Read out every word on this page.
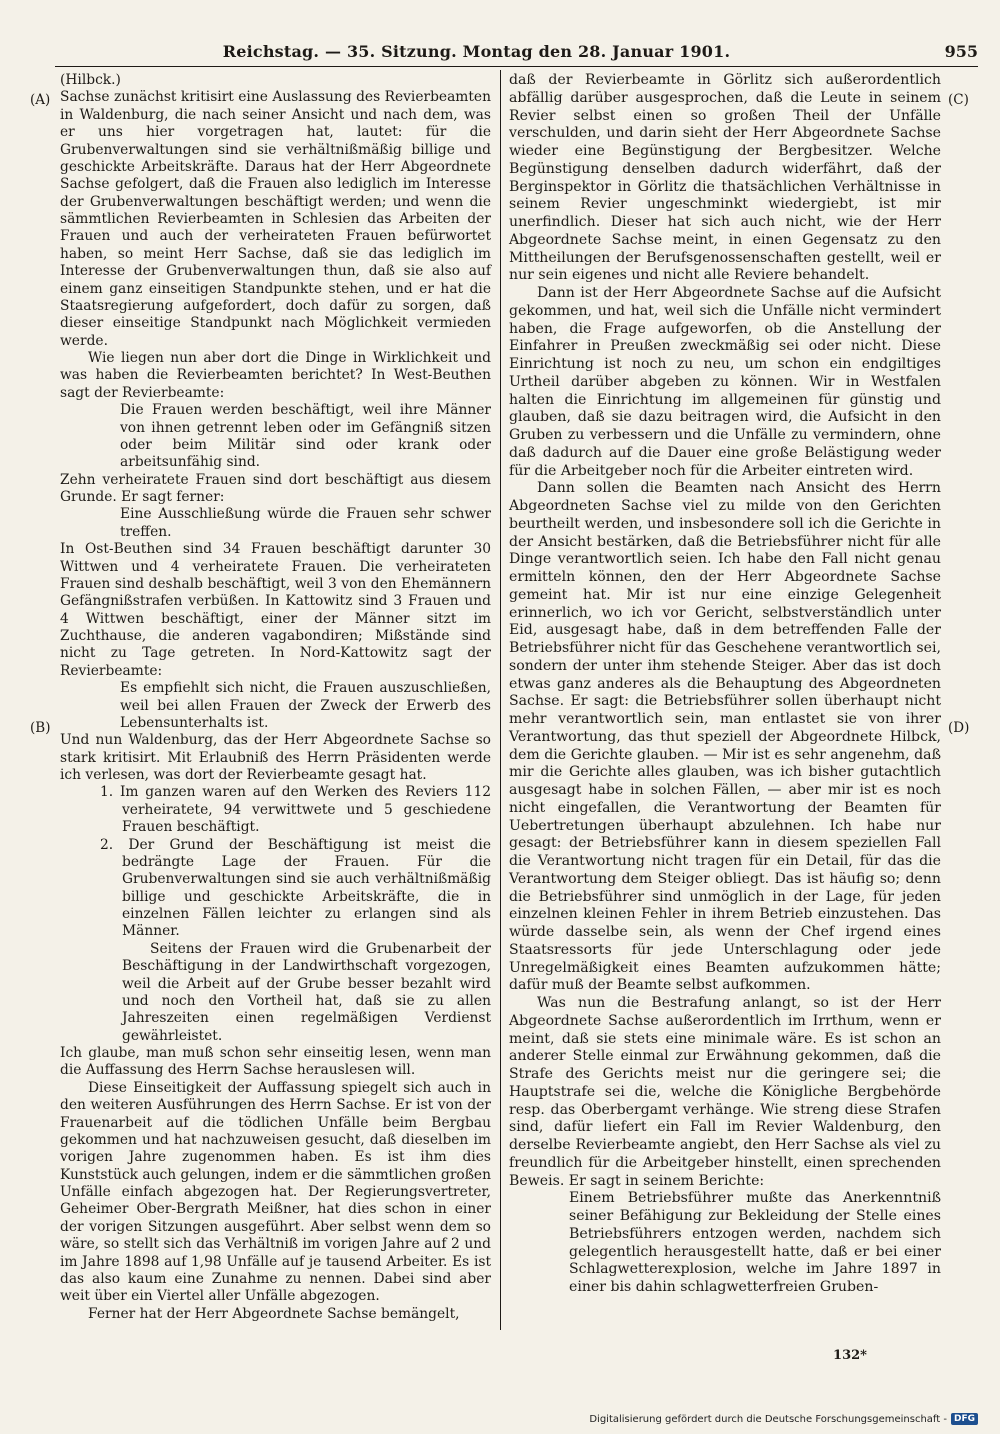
Reichstag. — 35. Sitzung. Montag den 28. Januar 1901.	955
(A)
(B)
(C)
(D)

(Hilbck.)

Sachse zunächst kritisirt eine Auslassung des Revierbeamten in Waldenburg, die nach seiner Ansicht und nach dem, was er uns hier vorgetragen hat, lautet: für die Grubenverwaltungen sind sie verhältnißmäßig billige und geschickte Arbeitskräfte. Daraus hat der Herr Abgeordnete Sachse gefolgert, daß die Frauen also lediglich im Interesse der Grubenverwaltungen beschäftigt werden; und wenn die sämmtlichen Revierbeamten in Schlesien das Arbeiten der Frauen und auch der verheirateten Frauen befürwortet haben, so meint Herr Sachse, daß sie das lediglich im Interesse der Grubenverwaltungen thun, daß sie also auf einem ganz einseitigen Standpunkte stehen, und er hat die Staatsregierung aufgefordert, doch dafür zu sorgen, daß dieser einseitige Standpunkt nach Möglichkeit vermieden werde.

Wie liegen nun aber dort die Dinge in Wirklichkeit und was haben die Revierbeamten berichtet? In West-Beuthen sagt der Revierbeamte:

Die Frauen werden beschäftigt, weil ihre Männer von ihnen getrennt leben oder im Gefängniß sitzen oder beim Militär sind oder krank oder arbeitsunfähig sind.

Zehn verheiratete Frauen sind dort beschäftigt aus diesem Grunde. Er sagt ferner:

Eine Ausschließung würde die Frauen sehr schwer treffen.

In Ost-Beuthen sind 34 Frauen beschäftigt darunter 30 Wittwen und 4 verheiratete Frauen. Die verheirateten Frauen sind deshalb beschäftigt, weil 3 von den Ehemännern Gefängnißstrafen verbüßen. In Kattowitz sind 3 Frauen und 4 Wittwen beschäftigt, einer der Männer sitzt im Zuchthause, die anderen vagabondiren; Mißstände sind nicht zu Tage getreten. In Nord-Kattowitz sagt der Revierbeamte:

Es empfiehlt sich nicht, die Frauen auszuschließen, weil bei allen Frauen der Zweck der Erwerb des Lebensunterhalts ist.

Und nun Waldenburg, das der Herr Abgeordnete Sachse so stark kritisirt. Mit Erlaubniß des Herrn Präsidenten werde ich verlesen, was dort der Revierbeamte gesagt hat.

1. Im ganzen waren auf den Werken des Reviers 112 verheiratete, 94 verwittwete und 5 geschiedene Frauen beschäftigt.

2. Der Grund der Beschäftigung ist meist die bedrängte Lage der Frauen. Für die Grubenverwaltungen sind sie auch verhältnißmäßig billige und geschickte Arbeitskräfte, die in einzelnen Fällen leichter zu erlangen sind als Männer.

Seitens der Frauen wird die Grubenarbeit der Beschäftigung in der Landwirthschaft vorgezogen, weil die Arbeit auf der Grube besser bezahlt wird und noch den Vortheil hat, daß sie zu allen Jahreszeiten einen regelmäßigen Verdienst gewährleistet.

Ich glaube, man muß schon sehr einseitig lesen, wenn man die Auffassung des Herrn Sachse herauslesen will.

Diese Einseitigkeit der Auffassung spiegelt sich auch in den weiteren Ausführungen des Herrn Sachse. Er ist von der Frauenarbeit auf die tödlichen Unfälle beim Bergbau gekommen und hat nachzuweisen gesucht, daß dieselben im vorigen Jahre zugenommen haben. Es ist ihm dies Kunststück auch gelungen, indem er die sämmtlichen großen Unfälle einfach abgezogen hat. Der Regierungsvertreter, Geheimer Ober-Bergrath Meißner, hat dies schon in einer der vorigen Sitzungen ausgeführt. Aber selbst wenn dem so wäre, so stellt sich das Verhältniß im vorigen Jahre auf 2 und im Jahre 1898 auf 1,98 Unfälle auf je tausend Arbeiter. Es ist das also kaum eine Zunahme zu nennen. Dabei sind aber weit über ein Viertel aller Unfälle abgezogen.

Ferner hat der Herr Abgeordnete Sachse bemängelt,

daß der Revierbeamte in Görlitz sich außerordentlich abfällig darüber ausgesprochen, daß die Leute in seinem Revier selbst einen so großen Theil der Unfälle verschulden, und darin sieht der Herr Abgeordnete Sachse wieder eine Begünstigung der Bergbesitzer. Welche Begünstigung denselben dadurch widerfährt, daß der Berginspektor in Görlitz die thatsächlichen Verhältnisse in seinem Revier ungeschminkt wiedergiebt, ist mir unerfindlich. Dieser hat sich auch nicht, wie der Herr Abgeordnete Sachse meint, in einen Gegensatz zu den Mittheilungen der Berufsgenossenschaften gestellt, weil er nur sein eigenes und nicht alle Reviere behandelt.

Dann ist der Herr Abgeordnete Sachse auf die Aufsicht gekommen, und hat, weil sich die Unfälle nicht vermindert haben, die Frage aufgeworfen, ob die Anstellung der Einfahrer in Preußen zweckmäßig sei oder nicht. Diese Einrichtung ist noch zu neu, um schon ein endgiltiges Urtheil darüber abgeben zu können. Wir in Westfalen halten die Einrichtung im allgemeinen für günstig und glauben, daß sie dazu beitragen wird, die Aufsicht in den Gruben zu verbessern und die Unfälle zu vermindern, ohne daß dadurch auf die Dauer eine große Belästigung weder für die Arbeitgeber noch für die Arbeiter eintreten wird.

Dann sollen die Beamten nach Ansicht des Herrn Abgeordneten Sachse viel zu milde von den Gerichten beurtheilt werden, und insbesondere soll ich die Gerichte in der Ansicht bestärken, daß die Betriebsführer nicht für alle Dinge verantwortlich seien. Ich habe den Fall nicht genau ermitteln können, den der Herr Abgeordnete Sachse gemeint hat. Mir ist nur eine einzige Gelegenheit erinnerlich, wo ich vor Gericht, selbstverständlich unter Eid, ausgesagt habe, daß in dem betreffenden Falle der Betriebsführer nicht für das Geschehene verantwortlich sei, sondern der unter ihm stehende Steiger. Aber das ist doch etwas ganz anderes als die Behauptung des Abgeordneten Sachse. Er sagt: die Betriebsführer sollen überhaupt nicht mehr verantwortlich sein, man entlastet sie von ihrer Verantwortung, das thut speziell der Abgeordnete Hilbck, dem die Gerichte glauben. — Mir ist es sehr angenehm, daß mir die Gerichte alles glauben, was ich bisher gutachtlich ausgesagt habe in solchen Fällen, — aber mir ist es noch nicht eingefallen, die Verantwortung der Beamten für Uebertretungen überhaupt abzulehnen. Ich habe nur gesagt: der Betriebsführer kann in diesem speziellen Fall die Verantwortung nicht tragen für ein Detail, für das die Verantwortung dem Steiger obliegt. Das ist häufig so; denn die Betriebsführer sind unmöglich in der Lage, für jeden einzelnen kleinen Fehler in ihrem Betrieb einzustehen. Das würde dasselbe sein, als wenn der Chef irgend eines Staatsressorts für jede Unterschlagung oder jede Unregelmäßigkeit eines Beamten aufzukommen hätte; dafür muß der Beamte selbst aufkommen.

Was nun die Bestrafung anlangt, so ist der Herr Abgeordnete Sachse außerordentlich im Irrthum, wenn er meint, daß sie stets eine minimale wäre. Es ist schon an anderer Stelle einmal zur Erwähnung gekommen, daß die Strafe des Gerichts meist nur die geringere sei; die Hauptstrafe sei die, welche die Königliche Bergbehörde resp. das Oberbergamt verhänge. Wie streng diese Strafen sind, dafür liefert ein Fall im Revier Waldenburg, den derselbe Revierbeamte angiebt, den Herr Sachse als viel zu freundlich für die Arbeitgeber hinstellt, einen sprechenden Beweis. Er sagt in seinem Berichte:

Einem Betriebsführer mußte das Anerkenntniß seiner Befähigung zur Bekleidung der Stelle eines Betriebsführers entzogen werden, nachdem sich gelegentlich herausgestellt hatte, daß er bei einer Schlagwetterexplosion, welche im Jahre 1897 in einer bis dahin schlagwetterfreien Gruben-

132*
Digitalisierung gefördert durch die Deutsche Forschungsgemeinschaft - DFG
